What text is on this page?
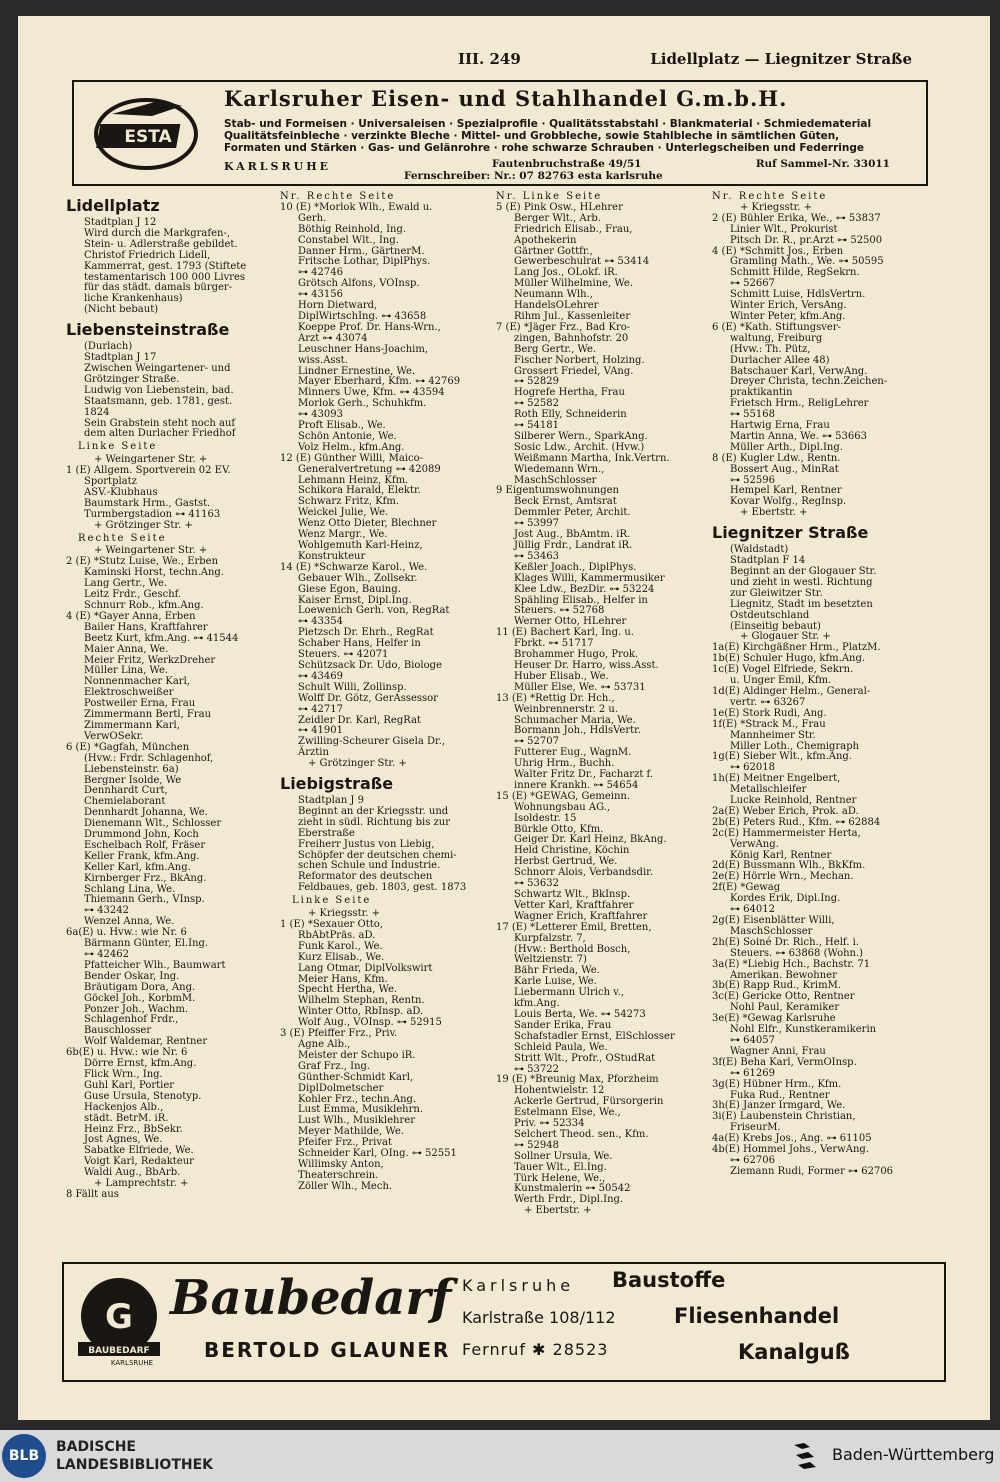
III. 249	Lidellplatz — Liegnitzer Straße
ESTA
Karlsruher Eisen- und Stahlhandel G.m.b.H.
Stab- und Formeisen · Universaleisen · Spezialprofile · Qualitätsstabstahl · Blankmaterial · Schmiedematerial
Qualitätsfeinbleche · verzinkte Bleche · Mittel- und Grobbleche, sowie Stahlbleche in sämtlichen Güten,
Formaten und Stärken · Gas- und Gelänrohre · rohe schwarze Schrauben · Unterlegscheiben und Federringe
KARLSRUHE	Fautenbruchstraße 49/51
Fernschreiber: Nr.: 07 82763 esta karlsruhe
Ruf Sammel-Nr. 33011
Lidellplatz
Stadtplan J 12
Wird durch die Markgrafen-,
Stein- u. Adlerstraße gebildet.
Christof Friedrich Lidell,
Kammerrat, gest. 1793 (Stiftete
testamentarisch 100 000 Livres
für das städt. damals bürger-
liche Krankenhaus)
(Nicht bebaut)
Liebensteinstraße
(Durlach)
Stadtplan J 17
Zwischen Weingartener- und
Grötzinger Straße.
Ludwig von Liebenstein, bad.
Staatsmann, geb. 1781, gest.
1824
Sein Grabstein steht noch auf
dem alten Durlacher Friedhof
Linke Seite
+ Weingartener Str. +
1 (E) Allgem. Sportverein 02 EV.
Sportplatz
ASV.-Klubhaus
Baumstark Hrm., Gastst.
Turmbergstadion ⊶ 41163
+ Grötzinger Str. +
Rechte Seite
+ Weingartener Str. +
2 (E) *Stutz Luise, We., Erben
Kaminski Horst, techn.Ang.
Lang Gertr., We.
Leitz Frdr., Geschf.
Schnurr Rob., kfm.Ang.
4 (E) *Gayer Anna, Erben
Bailer Hans, Kraftfahrer
Beetz Kurt, kfm.Ang. ⊶ 41544
Maier Anna, We.
Meier Fritz, WerkzDreher
Müller Lina, We.
Nonnenmacher Karl,
Elektroschweißer
Postweiler Erna, Frau
Zimmermann Bertl, Frau
Zimmermann Karl,
VerwOSekr.
6 (E) *Gagfah, München
(Hvw.: Frdr. Schlagenhof,
Liebensteinstr. 6a)
Bergner Isolde, We
Dennhardt Curt,
Chemielaborant
Dennhardt Johanna, We.
Dienemann Wlt., Schlosser
Drummond John, Koch
Eschelbach Rolf, Fräser
Keller Frank, kfm.Ang.
Keller Karl, kfm.Ang.
Kirnberger Frz., BkAng.
Schlang Lina, We.
Thiemann Gerh., VInsp.
⊶ 43242
Wenzel Anna, We.
6a(E) u. Hvw.: wie Nr. 6
Bärmann Günter, El.Ing.
⊶ 42462
Pfatteicher Wlh., Baumwart
Bender Oskar, Ing.
Bräutigam Dora, Ang.
Göckel Joh., KorbmM.
Ponzer Joh., Wachm.
Schlagenhof Frdr.,
Bauschlosser
Wolf Waldemar, Rentner
6b(E) u. Hvw.: wie Nr. 6
Dörre Ernst, kfm.Ang.
Flick Wrn., Ing.
Guhl Karl, Portier
Guse Ursula, Stenotyp.
Hackenjos Alb.,
städt. BetrM. iR.
Heinz Frz., BbSekr.
Jost Agnes, We.
Sabatke Elfriede, We.
Voigt Karl, Redakteur
Waldi Aug., BbArb.
+ Lamprechtstr. +
8 Fällt aus
Nr. Rechte Seite
10 (E) *Morlok Wlh., Ewald u.
Gerh.
Böthig Reinhold, Ing.
Constabel Wlt., Ing.
Danner Hrm., GärtnerM.
Fritsche Lothar, DiplPhys.
⊶ 42746
Grötsch Alfons, VOInsp.
⊶ 43156
Horn Dietward,
DiplWirtschIng. ⊶ 43658
Koeppe Prof. Dr. Hans-Wrn.,
Arzt ⊶ 43074
Leuschner Hans-Joachim,
wiss.Asst.
Lindner Ernestine, We.
Mayer Eberhard, Kfm. ⊶ 42769
Minners Uwe, Kfm. ⊶ 43594
Morlok Gerh., Schuhkfm.
⊶ 43093
Proft Elisab., We.
Schön Antonie, We.
Volz Helm., kfm.Ang.
12 (E) Günther Willi, Maico-
Generalvertretung ⊶ 42089
Lehmann Heinz, Kfm.
Schikora Harald, Elektr.
Schwarz Fritz, Kfm.
Weickel Julie, We.
Wenz Otto Dieter, Blechner
Wenz Margr., We.
Wohlgemuth Karl-Heinz,
Konstrukteur
14 (E) *Schwarze Karol., We.
Gebauer Wlh., Zollsekr.
Giese Egon, Bauing.
Kaiser Ernst, Dipl.Ing.
Loewenich Gerh. von, RegRat
⊶ 43354
Pietzsch Dr. Ehrh., RegRat
Schaber Hans, Helfer in
Steuers. ⊶ 42071
Schützsack Dr. Udo, Biologe
⊶ 43469
Schult Willi, Zollinsp.
Wolff Dr. Götz, GerAssessor
⊶ 42717
Zeidler Dr. Karl, RegRat
⊶ 41901
Zwilling-Scheurer Gisela Dr.,
Ärztin
+ Grötzinger Str. +
Liebigstraße
Stadtplan J 9
Beginnt an der Kriegsstr. und
zieht in südl. Richtung bis zur
Eberstraße
Freiherr Justus von Liebig,
Schöpfer der deutschen chemi-
schen Schule und Industrie.
Reformator des deutschen
Feldbaues, geb. 1803, gest. 1873
Linke Seite
+ Kriegsstr. +
1 (E) *Sexauer Otto,
RbAbtPräs. aD.
Funk Karol., We.
Kurz Elisab., We.
Lang Otmar, DiplVolkswirt
Meier Hans, Kfm.
Specht Hertha, We.
Wilhelm Stephan, Rentn.
Winter Otto, RbInsp. aD.
Wolf Aug., VOInsp. ⊶ 52915
3 (E) Pfeiffer Frz., Priv.
Agne Alb.,
Meister der Schupo iR.
Graf Frz., Ing.
Günther-Schmidt Karl,
DiplDolmetscher
Kohler Frz., techn.Ang.
Lust Emma, Musiklehrn.
Lust Wlh., Musiklehrer
Meyer Mathilde, We.
Pfeifer Frz., Privat
Schneider Karl, OIng. ⊶ 52551
Willimsky Anton,
Theaterschrein.
Zöller Wlh., Mech.
Nr. Linke Seite
5 (E) Pink Osw., HLehrer
Berger Wlt., Arb.
Friedrich Elisab., Frau,
Apothekerin
Gärtner Gottfr.,
Gewerbeschulrat ⊶ 53414
Lang Jos., OLokf. iR.
Müller Wilhelmine, We.
Neumann Wlh.,
HandelsOLehrer
Rihm Jul., Kassenleiter
7 (E) *Jäger Frz., Bad Kro-
zingen, Bahnhofstr. 20
Berg Gertr., We.
Fischer Norbert, Holzing.
Grossert Friedel, VAng.
⊶ 52829
Hogrefe Hertha, Frau
⊶ 52582
Roth Elly, Schneiderin
⊶ 54181
Silberer Wern., SparkAng.
Sosic Ldw., Archit. (Hvw.)
Weißmann Martha, Ink.Vertrn.
Wiedemann Wrn.,
MaschSchlosser
9 Eigentumswohnungen
Beck Ernst, Amtsrat
Demmler Peter, Archit.
⊶ 53997
Jost Aug., BbAmtm. iR.
Jüllig Frdr., Landrat iR.
⊶ 53463
Keßler Joach., DiplPhys.
Klages Willi, Kammermusiker
Klee Ldw., BezDir. ⊶ 53224
Spähling Elisab., Helfer in
Steuers. ⊶ 52768
Werner Otto, HLehrer
11 (E) Bachert Karl, Ing. u.
Fbrkt. ⊶ 51717
Brohammer Hugo, Prok.
Heuser Dr. Harro, wiss.Asst.
Huber Elisab., We.
Müller Else, We. ⊶ 53731
13 (E) *Rettig Dr. Hch.,
Weinbrennerstr. 2 u.
Schumacher Maria, We.
Bormann Joh., HdlsVertr.
⊶ 52707
Futterer Eug., WagnM.
Uhrig Hrm., Buchh.
Walter Fritz Dr., Facharzt f.
innere Krankh. ⊶ 54654
15 (E) *GEWAG, Gemeinn.
Wohnungsbau AG.,
Isoldestr. 15
Bürkle Otto, Kfm.
Geiger Dr. Karl Heinz, BkAng.
Held Christine, Köchin
Herbst Gertrud, We.
Schnorr Alois, Verbandsdir.
⊶ 53632
Schwartz Wlt., BkInsp.
Vetter Karl, Kraftfahrer
Wagner Erich, Kraftfahrer
17 (E) *Letterer Emil, Bretten,
Kurpfalzstr. 7,
(Hvw.: Berthold Bosch,
Weltzienstr. 7)
Bähr Frieda, We.
Karle Luise, We.
Liebermann Ulrich v.,
kfm.Ang.
Louis Berta, We. ⊶ 54273
Sander Erika, Frau
Schafstadler Ernst, ElSchlosser
Schleid Paula, We.
Stritt Wlt., Profr., OStudRat
⊶ 53722
19 (E) *Breunig Max, Pforzheim
Hohentwielstr. 12
Ackerle Gertrud, Fürsorgerin
Estelmann Else, We.,
Priv. ⊶ 52334
Selchert Theod. sen., Kfm.
⊶ 52948
Sollner Ursula, We.
Tauer Wlt., El.Ing.
Türk Helene, We.,
Kunstmalerin ⊶ 50542
Werth Frdr., Dipl.Ing.
+ Ebertstr. +
Nr. Rechte Seite
+ Kriegsstr. +
2 (E) Bühler Erika, We., ⊶ 53837
Linier Wlt., Prokurist
Pitsch Dr. R., pr.Arzt ⊶ 52500
4 (E) *Schmitt Jos., Erben
Gramling Math., We. ⊶ 50595
Schmitt Hilde, RegSekrn.
⊶ 52667
Schmitt Luise, HdlsVertrn.
Winter Erich, VersAng.
Winter Peter, kfm.Ang.
6 (E) *Kath. Stiftungsver-
waltung, Freiburg
(Hvw.: Th. Pütz,
Durlacher Allee 48)
Batschauer Karl, VerwAng.
Dreyer Christa, techn.Zeichen-
praktikantin
Frietsch Hrm., ReligLehrer
⊶ 55168
Hartwig Erna, Frau
Martin Anna, We. ⊶ 53663
Müller Arth., Dipl.Ing.
8 (E) Kugler Ldw., Rentn.
Bossert Aug., MinRat
⊶ 52596
Hempel Karl, Rentner
Kovar Wolfg., RegInsp.
+ Ebertstr. +
Liegnitzer Straße
(Waldstadt)
Stadtplan F 14
Beginnt an der Glogauer Str.
und zieht in westl. Richtung
zur Gleiwitzer Str.
Liegnitz, Stadt im besetzten
Ostdeutschland
(Einseitig bebaut)
+ Glogauer Str. +
1a(E) Kirchgäßner Hrm., PlatzM.
1b(E) Schuler Hugo, kfm.Ang.
1c(E) Vogel Elfriede, Sekrn.
u. Unger Emil, Kfm.
1d(E) Aldinger Helm., General-
vertr. ⊶ 63267
1e(E) Stork Rudi, Ang.
1f(E) *Strack M., Frau
Mannheimer Str.
Miller Loth., Chemigraph
1g(E) Sieber Wlt., kfm.Ang.
⊶ 62018
1h(E) Meitner Engelbert,
Metallschleifer
Lucke Reinhold, Rentner
2a(E) Weber Erich, Prok. aD.
2b(E) Peters Rud., Kfm. ⊶ 62884
2c(E) Hammermeister Herta,
VerwAng.
König Karl, Rentner
2d(E) Bussmann Wlh., BkKfm.
2e(E) Hörrle Wrn., Mechan.
2f(E) *Gewag
Kordes Erik, Dipl.Ing.
⊶ 64012
2g(E) Eisenblätter Willi,
MaschSchlosser
2h(E) Soiné Dr. Rich., Helf. i.
Steuers. ⊶ 63868 (Wohn.)
3a(E) *Liebig Hch., Bachstr. 71
Amerikan. Bewohner
3b(E) Rapp Rud., KrimM.
3c(E) Gericke Otto, Rentner
Nohl Paul, Keramiker
3e(E) *Gewag Karlsruhe
Nohl Elfr., Kunstkeramikerin
⊶ 64057
Wagner Anni, Frau
3f(E) Beha Karl, VermOInsp.
⊶ 61269
3g(E) Hübner Hrm., Kfm.
Fuka Rud., Rentner
3h(E) Janzer Irmgard, We.
3i(E) Laubenstein Christian,
FriseurM.
4a(E) Krebs Jos., Ang. ⊶ 61105
4b(E) Hommel Johs., VerwAng.
⊶ 62706
Ziemann Rudi, Former ⊶ 62706
G
BAUBEDARF
KARLSRUHE
Baubedarf
BERTOLD GLAUNER
Karlsruhe
Karlstraße 108/112
Fernruf ✱ 28523
Baustoffe
Fliesenhandel
Kanalguß
BLB
BADISCHE
LANDESBIBLIOTHEK
Baden-Württemberg
